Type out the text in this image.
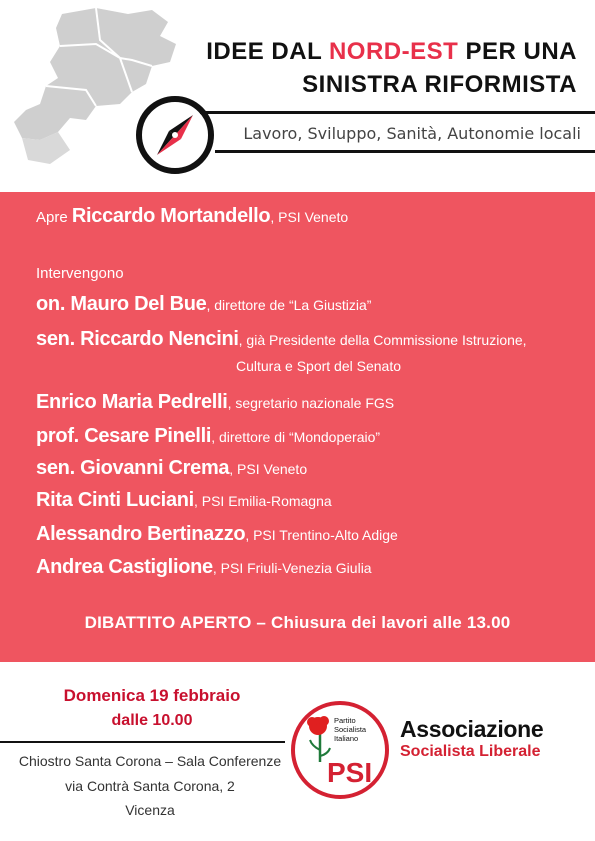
IDEE DAL NORD-EST PER UNA
SINISTRA RIFORMISTA
Lavoro, Sviluppo, Sanità, Autonomie locali
Apre Riccardo Mortandello, PSI Veneto
Intervengono
on. Mauro Del Bue, direttore de “La Giustizia”
sen. Riccardo Nencini, già Presidente della Commissione Istruzione,
Cultura e Sport del Senato
Enrico Maria Pedrelli, segretario nazionale FGS
prof. Cesare Pinelli, direttore di “Mondoperaio”
sen. Giovanni Crema, PSI Veneto
Rita Cinti Luciani, PSI Emilia-Romagna
Alessandro Bertinazzo, PSI Trentino-Alto Adige
Andrea Castiglione, PSI Friuli-Venezia Giulia
DIBATTITO APERTO – Chiusura dei lavori alle 13.00
Domenica 19 febbraio
dalle 10.00
Chiostro Santa Corona – Sala Conferenze
via Contrà Santa Corona, 2
Vicenza
Partito
Socialista
Italiano
PSI
Associazione
Socialista Liberale
